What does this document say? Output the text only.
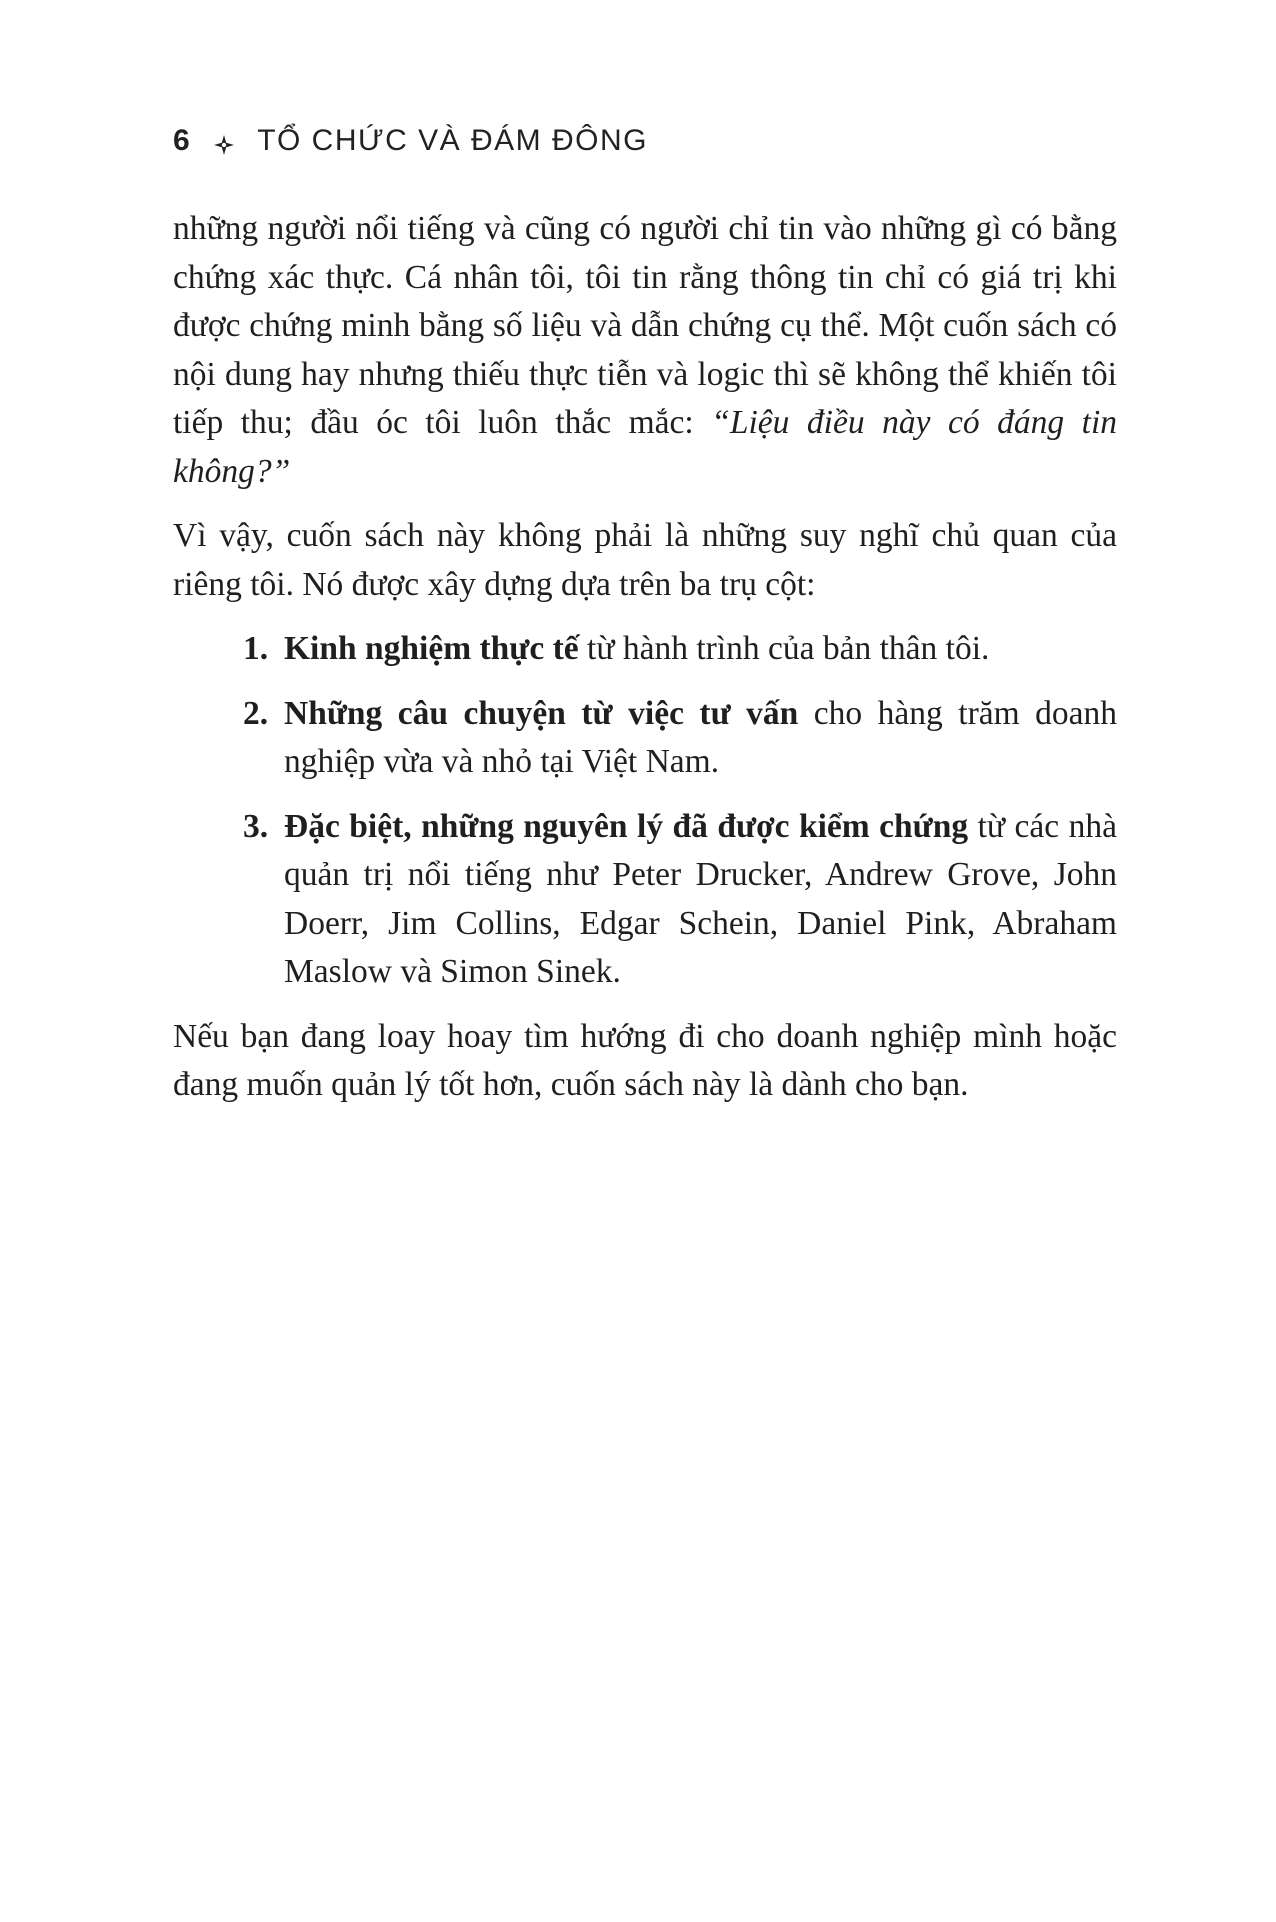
6 TỔ CHỨC VÀ ĐÁM ĐÔNG

những người nổi tiếng và cũng có người chỉ tin vào những gì có bằng chứng xác thực. Cá nhân tôi, tôi tin rằng thông tin chỉ có giá trị khi được chứng minh bằng số liệu và dẫn chứng cụ thể. Một cuốn sách có nội dung hay nhưng thiếu thực tiễn và logic thì sẽ không thể khiến tôi tiếp thu; đầu óc tôi luôn thắc mắc: “Liệu điều này có đáng tin không?”

Vì vậy, cuốn sách này không phải là những suy nghĩ chủ quan của riêng tôi. Nó được xây dựng dựa trên ba trụ cột:

1. Kinh nghiệm thực tế từ hành trình của bản thân tôi.
2. Những câu chuyện từ việc tư vấn cho hàng trăm doanh nghiệp vừa và nhỏ tại Việt Nam.
3. Đặc biệt, những nguyên lý đã được kiểm chứng từ các nhà quản trị nổi tiếng như Peter Drucker, Andrew Grove, John Doerr, Jim Collins, Edgar Schein, Daniel Pink, Abraham Maslow và Simon Sinek.

Nếu bạn đang loay hoay tìm hướng đi cho doanh nghiệp mình hoặc đang muốn quản lý tốt hơn, cuốn sách này là dành cho bạn.
